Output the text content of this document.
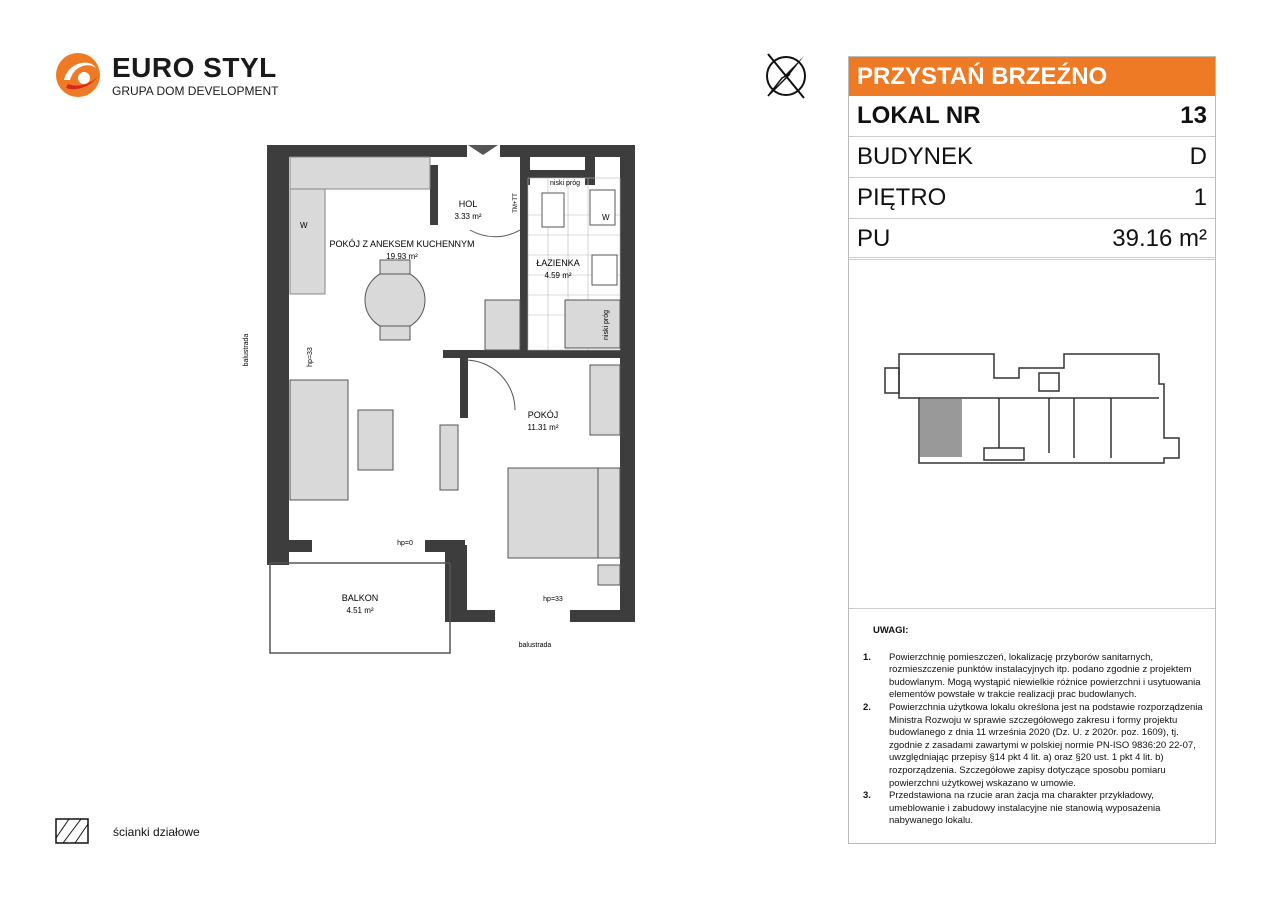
EURO STYL
GRUPA DOM DEVELOPMENT
POKÓJ Z ANEKSEM KUCHENNYM
19.93 m²
HOL
3.33 m²
ŁAZIENKA
4.59 m²
POKÓJ
11.31 m²
BALKON
4.51 m²
balustrada
balustrada
hp=33
hp=0
hp=33
niski próg
niski próg
W
W
TM+TT
PRZYSTAŃ BRZEŹNO
LOKAL NR	13
BUDYNEK	D
PIĘTRO	1
PU	39.16 m²
UWAGI:
1.	Powierzchnię pomieszczeń, lokalizację przyborów sanitarnych, rozmieszczenie punktów instalacyjnych itp. podano zgodnie z projektem budowlanym. Mogą wystąpić niewielkie różnice powierzchni i usytuowania elementów powstałe w trakcie realizacji prac budowlanych.
2.	Powierzchnia użytkowa lokalu określona jest na podstawie rozporządzenia Ministra Rozwoju w sprawie szczegółowego zakresu i formy projektu budowlanego z dnia 11 września 2020 (Dz. U. z 2020r. poz. 1609), tj. zgodnie z zasadami zawartymi w polskiej normie PN-ISO 9836:20 22-07, uwzględniając przepisy §14 pkt 4 lit. a) oraz §20 ust. 1 pkt 4 lit. b) rozporządzenia. Szczegółowe zapisy dotyczące sposobu pomiaru powierzchni użytkowej wskazano w umowie.
3.	Przedstawiona na rzucie aran żacja ma charakter przykładowy, umeblowanie i zabudowy instalacyjne nie stanowią wyposażenia nabywanego lokalu.
ścianki działowe
